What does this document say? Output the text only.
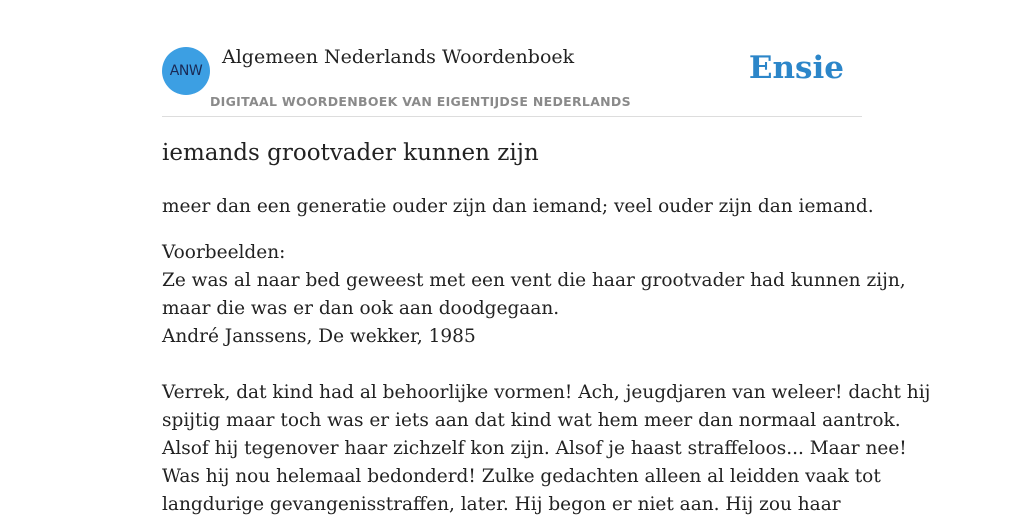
ANW
Algemeen Nederlands Woordenboek
DIGITAAL WOORDENBOEK VAN EIGENTIJDSE NEDERLANDS
Ensie
iemands grootvader kunnen zijn
meer dan een generatie ouder zijn dan iemand; veel ouder zijn dan iemand.
Voorbeelden:
Ze was al naar bed geweest met een vent die haar grootvader had kunnen zijn,
maar die was er dan ook aan doodgegaan.
André Janssens, De wekker, 1985
Verrek, dat kind had al behoorlijke vormen! Ach, jeugdjaren van weleer! dacht hij
spijtig maar toch was er iets aan dat kind wat hem meer dan normaal aantrok.
Alsof hij tegenover haar zichzelf kon zijn. Alsof je haast straffeloos... Maar nee!
Was hij nou helemaal bedonderd! Zulke gedachten alleen al leidden vaak tot
langdurige gevangenisstraffen, later. Hij begon er niet aan. Hij zou haar
